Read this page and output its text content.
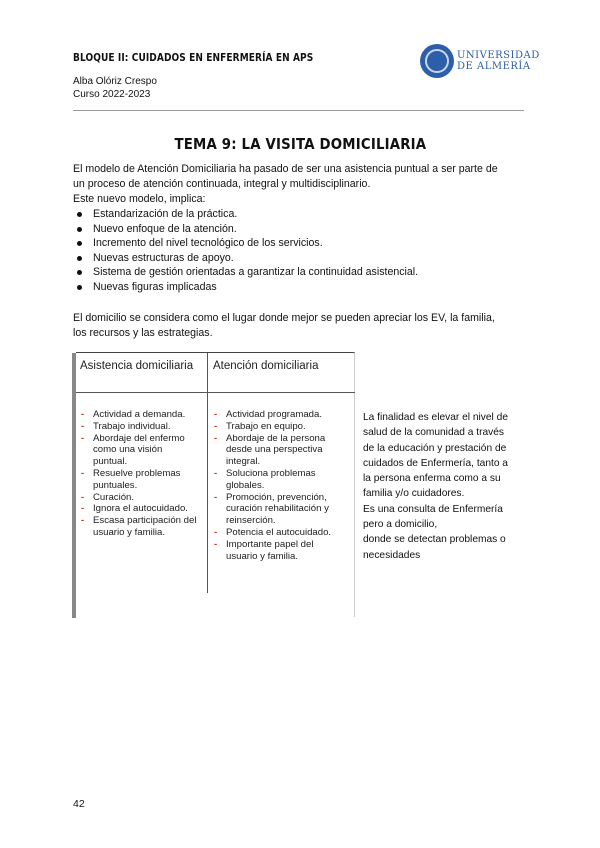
BLOQUE II: CUIDADOS EN ENFERMERÍA EN APS
Alba Olóriz Crespo
Curso 2022-2023
UNIVERSIDAD
DE ALMERÍA
TEMA 9: LA VISITA DOMICILIARIA

El modelo de Atención Domiciliaria ha pasado de ser una asistencia puntual a ser parte de

un proceso de atención continuada, integral y multidisciplinario.

Este nuevo modelo, implica:

Estandarización de la práctica.
Nuevo enfoque de la atención.
Incremento del nivel tecnológico de los servicios.
Nuevas estructuras de apoyo.
Sistema de gestión orientadas a garantizar la continuidad asistencial.
Nuevas figuras implicadas

El domicilio se considera como el lugar donde mejor se pueden apreciar los EV, la familia,

los recursos y las estrategias.

Asistencia domiciliaria Atención domiciliaria
- Actividad a demanda.
- Trabajo individual.
- Abordaje del enfermo
como una visión
puntual.
- Resuelve problemas
puntuales.
- Curación.
- Ignora el autocuidado.
- Escasa participación del
usuario y familia.
- Actividad programada.
- Trabajo en equipo.
- Abordaje de la persona
desde una perspectiva
integral.
- Soluciona problemas
globales.
- Promoción, prevención,
curación rehabilitación y
reinserción.
- Potencia el autocuidado.
- Importante papel del
usuario y familia.

La finalidad es elevar el nivel de

salud de la comunidad a través

de la educación y prestación de

cuidados de Enfermería, tanto a

la persona enferma como a su

familia y/o cuidadores.

Es una consulta de Enfermería

pero a domicilio,

donde se detectan problemas o

necesidades

42
